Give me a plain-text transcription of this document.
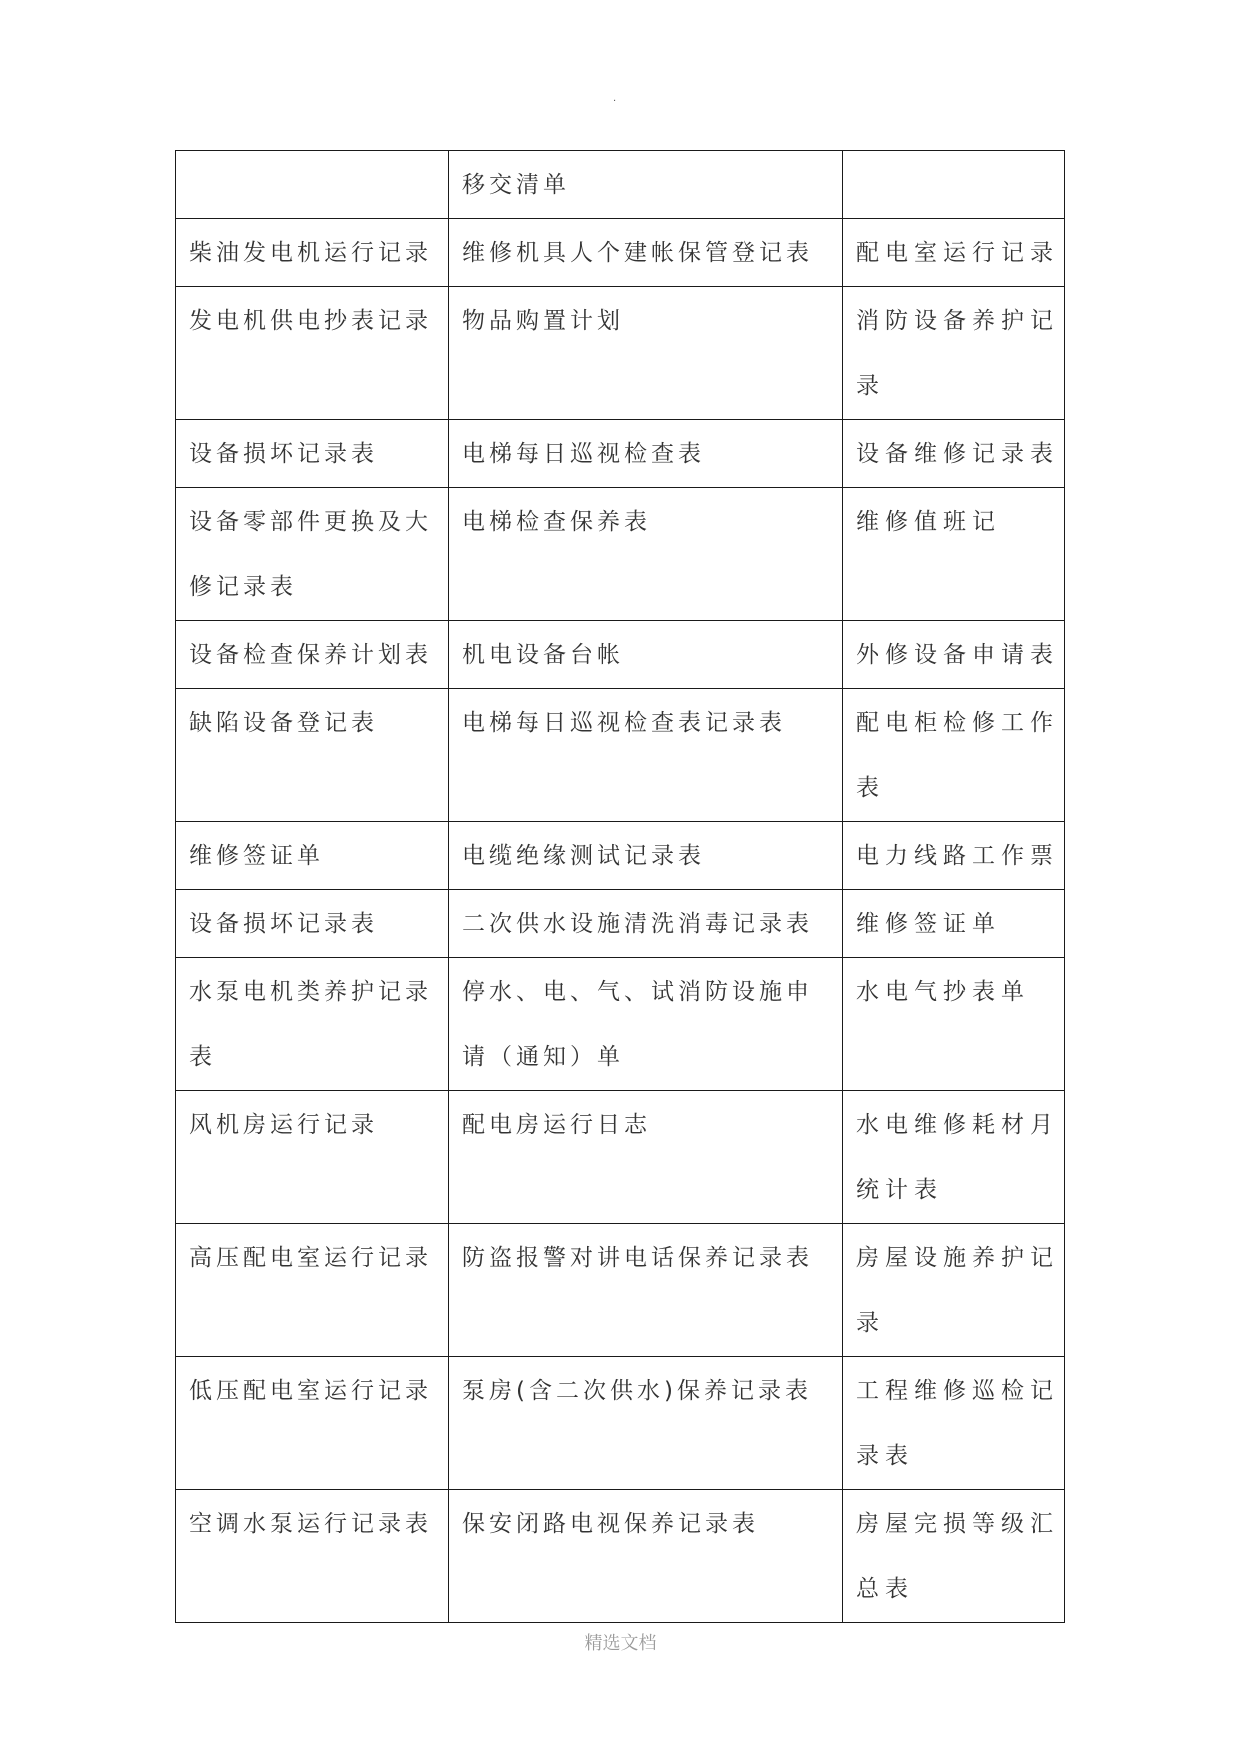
·

	移交清单	

柴油发电机运行记录	维修机具人个建帐保管登记表	配电室运行记录

发电机供电抄表记录	物品购置计划	消防设备养护记录

设备损坏记录表	电梯每日巡视检查表	设备维修记录表

设备零部件更换及大修记录表	电梯检查保养表	维修值班记

设备检查保养计划表	机电设备台帐	外修设备申请表

缺陷设备登记表	电梯每日巡视检查表记录表	配电柜检修工作表

维修签证单	电缆绝缘测试记录表	电力线路工作票

设备损坏记录表	二次供水设施清洗消毒记录表	维修签证单

水泵电机类养护记录表	停水、电、气、试消防设施申请（通知）单	水电气抄表单

风机房运行记录	配电房运行日志	水电维修耗材月统计表

高压配电室运行记录	防盗报警对讲电话保养记录表	房屋设施养护记录

低压配电室运行记录	泵房(含二次供水)保养记录表	工程维修巡检记录表

空调水泵运行记录表	保安闭路电视保养记录表	房屋完损等级汇总表
精选文档
